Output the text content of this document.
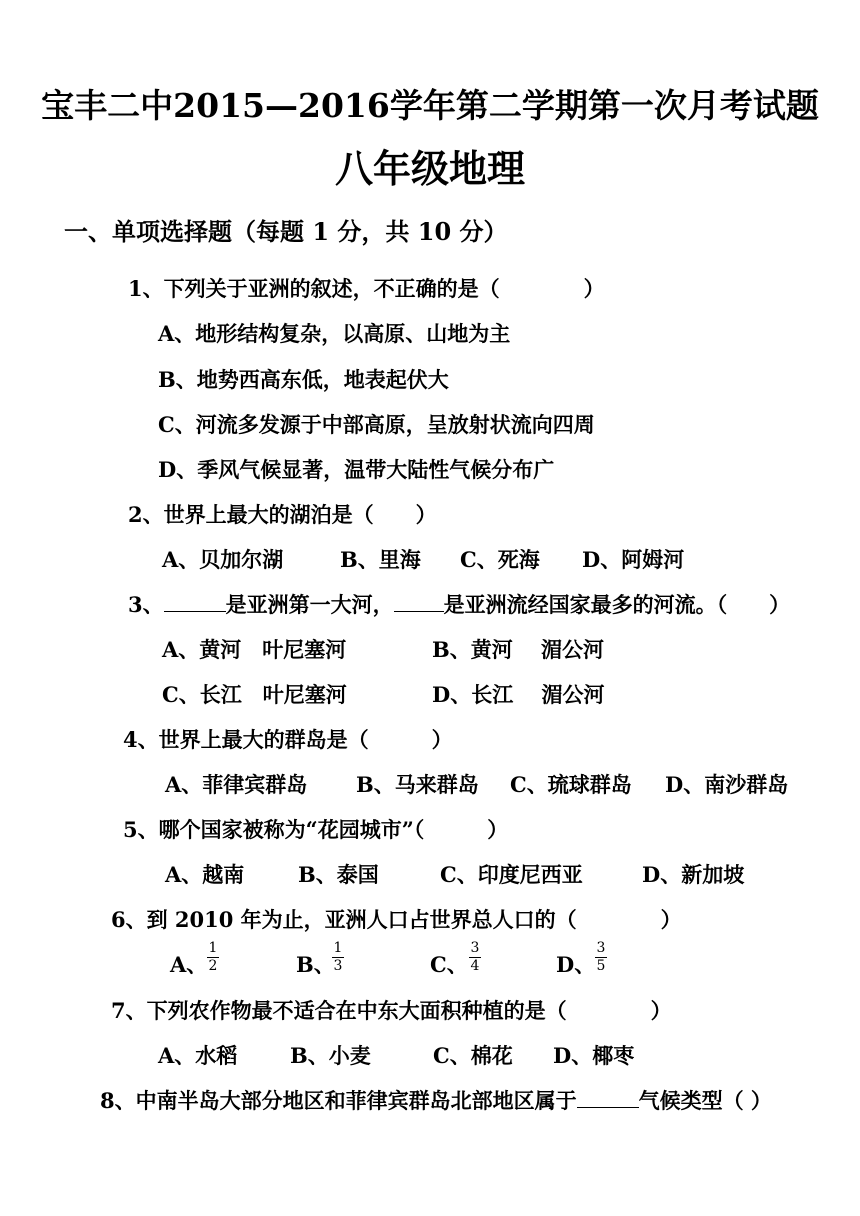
宝丰二中2015—2016学年第二学期第一次月考试题
八年级地理
一、单项选择题（每题 1 分，共 10 分）
1、下列关于亚洲的叙述，不正确的是（　　　　）
A、地形结构复杂，以高原、山地为主
B、地势西高东低，地表起伏大
C、河流多发源于中部高原，呈放射状流向四周
D、季风气候显著，温带大陆性气候分布广
2、世界上最大的湖泊是（　　）
A、贝加尔湖	B、里海 C、死海 D、阿姆河
3、	是亚洲第一大河， 是亚洲流经国家最多的河流。（　　）
A、黄河　叶尼塞河	B、黄河　 湄公河
C、长江　叶尼塞河	D、长江　 湄公河
4、世界上最大的群岛是（　　　）
A、菲律宾群岛 B、马来群岛 C、琉球群岛 D、南沙群岛
5、哪个国家被称为“花园城市”（　　　）
A、越南	B、泰国	C、印度尼西亚	D、新加坡
6、到 2010 年为止，亚洲人口占世界总人口的（　　　　）
A、
1
2	B、
1
3	C、
3
4	D、
3
5
7、下列农作物最不适合在中东大面积种植的是（　　　　）
A、水稻	B、小麦	C、棉花 D、椰枣
8、中南半岛大部分地区和菲律宾群岛北部地区属于	气候类型（ ）
